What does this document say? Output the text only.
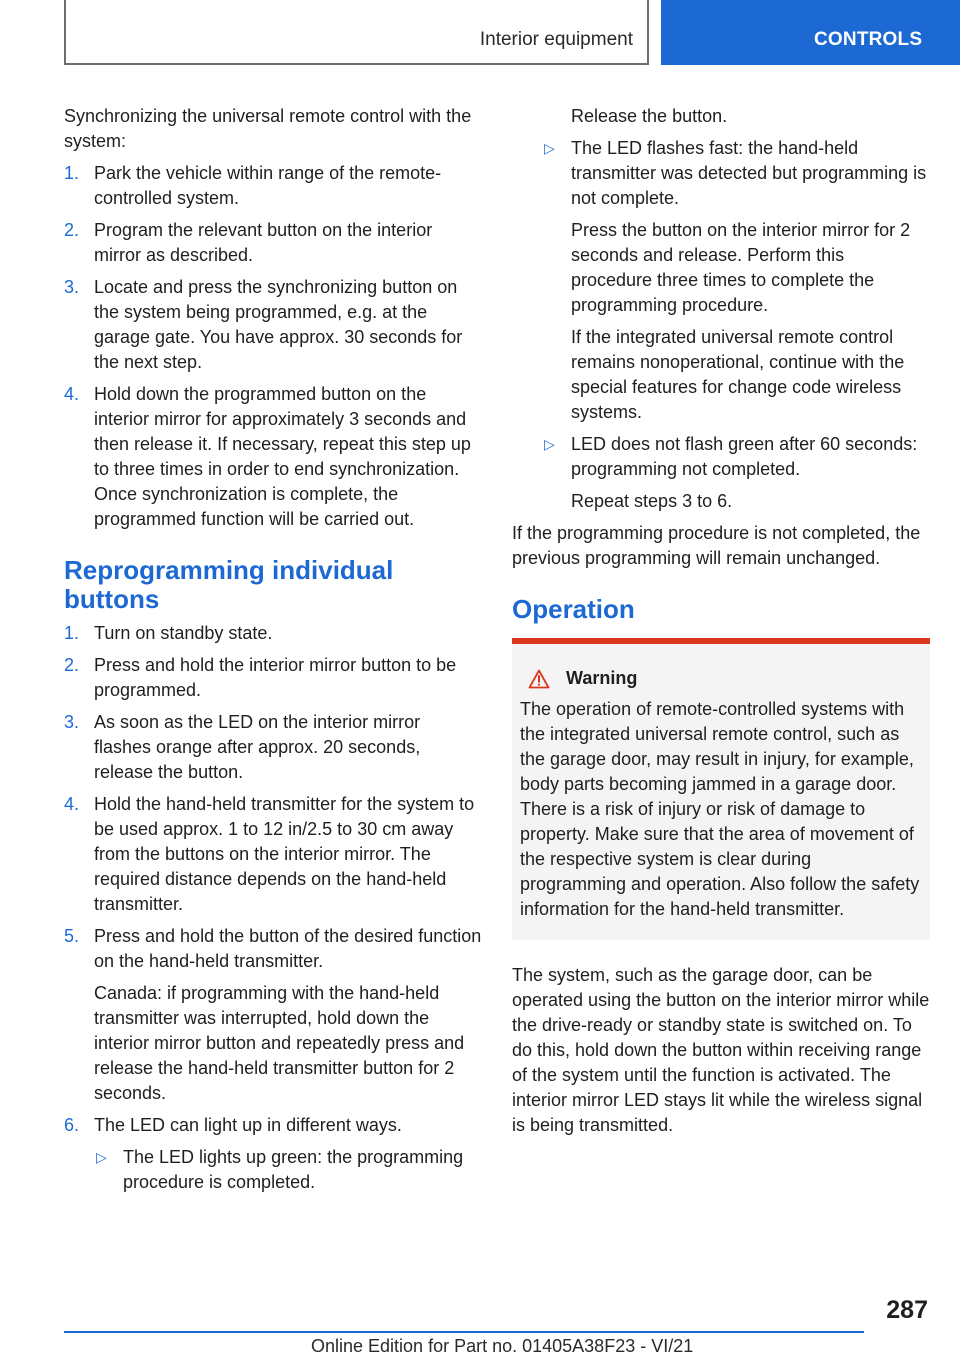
Interior equipment	CONTROLS

Synchronizing the universal remote control with the system:

1. Park the vehicle within range of the remote-controlled system.

2. Program the relevant button on the interior mirror as described.

3. Locate and press the synchronizing button on the system being programmed, e.g. at the garage gate. You have approx. 30 seconds for the next step.

4. Hold down the programmed button on the interior mirror for approximately 3 seconds and then release it. If necessary, repeat this step up to three times in order to end synchronization. Once synchronization is complete, the programmed function will be carried out.

Reprogramming individual buttons
1. Turn on standby state.

2. Press and hold the interior mirror button to be programmed.

3. As soon as the LED on the interior mirror flashes orange after approx. 20 seconds, release the button.

4. Hold the hand-held transmitter for the system to be used approx. 1 to 12 in/2.5 to 30 cm away from the buttons on the interior mirror. The required distance depends on the hand-held transmitter.

5. Press and hold the button of the desired function on the hand-held transmitter.

Canada: if programming with the hand-held transmitter was interrupted, hold down the interior mirror button and repeatedly press and release the hand-held transmitter button for 2 seconds.

6. The LED can light up in different ways.

▷ The LED lights up green: the programming procedure is completed.

Release the button.

▷ The LED flashes fast: the hand-held transmitter was detected but programming is not complete.

Press the button on the interior mirror for 2 seconds and release. Perform this procedure three times to complete the programming procedure.

If the integrated universal remote control remains nonoperational, continue with the special features for change code wireless systems.

▷ LED does not flash green after 60 seconds: programming not completed.

Repeat steps 3 to 6.

If the programming procedure is not completed, the previous programming will remain unchanged.

Operation
Warning

The operation of remote-controlled systems with the integrated universal remote control, such as the garage door, may result in injury, for example, body parts becoming jammed in a garage door. There is a risk of injury or risk of damage to property. Make sure that the area of movement of the respective system is clear during programming and operation. Also follow the safety information for the hand-held transmitter.

The system, such as the garage door, can be operated using the button on the interior mirror while the drive-ready or standby state is switched on. To do this, hold down the button within receiving range of the system until the function is activated. The interior mirror LED stays lit while the wireless signal is being transmitted.

287
Online Edition for Part no. 01405A38F23 - VI/21
